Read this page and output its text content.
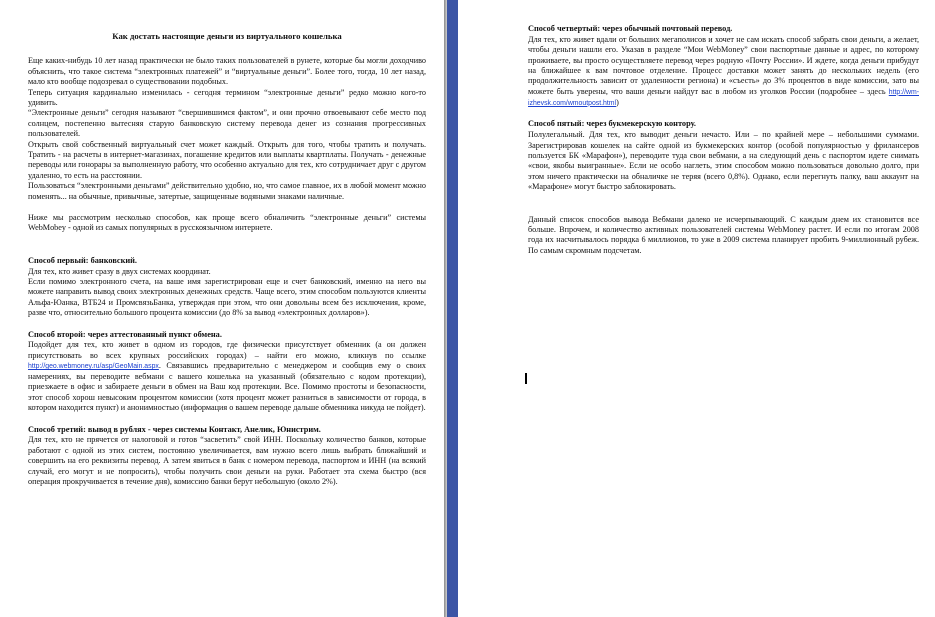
Как достать настоящие деньги из виртуального кошелька

Еще каких-нибудь 10 лет назад практически не было таких пользователей в рунете, которые бы могли доходчиво объяснить, что такое система “электронных платежей” и “виртуальные деньги”. Более того, тогда, 10 лет назад, мало кто вообще подозревал о существовании подобных.

Теперь ситуация кардинально изменилась - сегодня термином “электронные деньги” редко можно кого-то удивить.

“Электронные деньги” сегодня называют “свершившимся фактом”, и они прочно отвоевывают себе место под солнцем, постепенно вытесняя старую банковскую систему перевода денег из сознания прогрессивных пользователей.

Открыть свой собственный виртуальный счет может каждый. Открыть для того, чтобы тратить и получать. Тратить - на расчеты в интернет-магазинах, погашение кредитов или выплаты квартплаты. Получать - денежные переводы или гонорары за выполненную работу, что особенно актуально для тех, кто сотрудничает друг с другом удаленно, то есть на расстоянии.

Пользоваться “электронными деньгами” действительно удобно, но, что самое главное, их в любой момент можно поменять... на обычные, привычные, затертые, защищенные водяными знаками наличные.

Ниже мы рассмотрим несколько способов, как проще всего обналичить “электронные деньги” системы WebMobey - одной из самых популярных в русскоязычном интернете.

Способ первый: банковский.

Для тех, кто живет сразу в двух системах координат.

Если помимо электронного счета, на ваше имя зарегистрирован еще и счет банковский, именно на него вы можете направить вывод своих электронных денежных средств. Чаще всего, этим способом пользуются клиенты Альфа-Юанка, ВТБ24 и ПромсвязьБанка, утверждая при этом, что они довольны всем без исключения, кроме, разве что, относительно большого процента комиссии (до 8% за вывод «электронных долларов»).

Способ второй: через аттестованный пункт обмена.

Подойдет для тех, кто живет в одном из городов, где физически присутствует обменник (а он должен присутствовать во всех крупных российских городах) – найти его можно, кликнув по ссылке http://geo.webmoney.ru/asp/GeoMain.aspx. Связавшись предварительно с менеджером и сообщив ему о своих намерениях, вы переводите вебмани с вашего кошелька на указанный (обязательно с кодом протекции), приезжаете в офис и забираете деньги в обмен на Ваш код протекции. Все. Помимо простоты и безопасности, этот способ хорош невысоким процентом комиссии (хотя процент может разниться в зависимости от города, в котором находится пункт) и анонимностью (информация о вашем переводе дальше обменника никуда не пойдет).

Способ третий: вывод в рублях - через системы Контакт, Анелик, Юнистрим.

Для тех, кто не прячется от налоговой и готов “засветить” свой ИНН. Поскольку количество банков, которые работают с одной из этих систем, постоянно увеличивается, вам нужно всего лишь выбрать ближайший и совершить на его реквизиты перевод. А затем явиться в банк с номером перевода, паспортом и ИНН (на всякий случай, его могут и не попросить), чтобы получить свои деньги на руки. Работает эта схема быстро (вся операция прокручивается в течение дня), комиссию банки берут небольшую (около 2%).

Способ четвертый: через обычный почтовый перевод.

Для тех, кто живет вдали от больших мегаполисов и хочет не сам искать способ забрать свои деньги, а желает, чтобы деньги нашли его. Указав в разделе “Мои WebMoney” свои паспортные данные и адрес, по которому проживаете, вы просто осуществляете перевод через родную «Почту России». И ждете, когда деньги прибудут на ближайшее к вам почтовое отделение. Процесс доставки может занять до нескольких недель (его продолжительность зависит от удаленности региона) и «съесть» до 3% процентов в виде комиссии, зато вы можете быть уверены, что ваши деньги найдут вас в любом из уголков России (подробнее – здесь http://wm-izhevsk.com/wmoutpost.html)

Способ пятый: через букмекерскую контору.

Полулегальный. Для тех, кто выводит деньги нечасто. Или – по крайней мере – небольшими суммами. Зарегистрировав кошелек на сайте одной из букмекерских контор (особой популярностью у фрилансеров пользуется БК «Марафон»), переводите туда свои вебмани, а на следующий день с паспортом идете снимать «свои, якобы выигранные». Если не особо наглеть, этим способом можно пользоваться довольно долго, при этом ничего практически на обналичке не теряя (всего 0,8%). Однако, если перегнуть палку, ваш аккаунт на «Марафоне» могут быстро заблокировать.

Данный список способов вывода Вебмани далеко не исчерпывающий. С каждым днем их становится все больше. Впрочем, и количество активных пользователей системы WebMoney растет. И если по итогам 2008 года их насчитывалось порядка 6 миллионов, то уже в 2009 система планирует пробить 9-миллионный рубеж. По самым скромным подсчетам.
